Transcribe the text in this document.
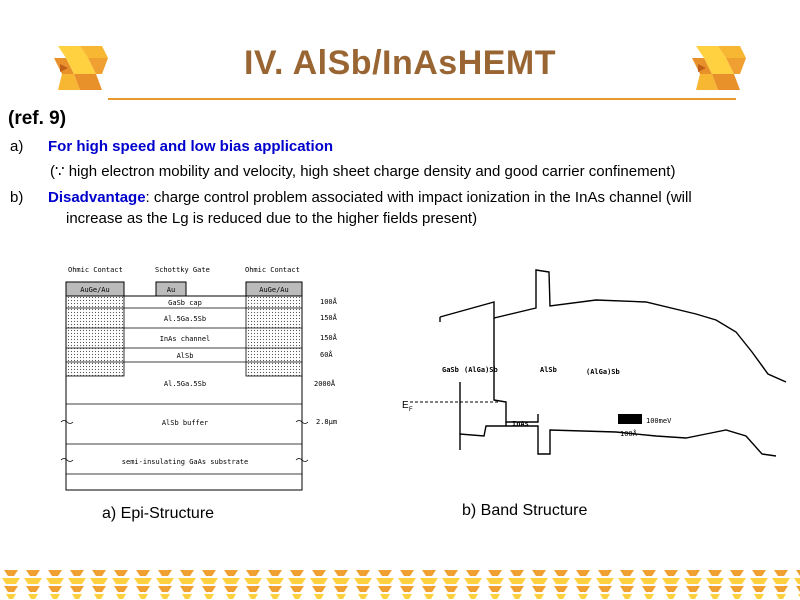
IV. AlSb/InAsHEMT
(ref. 9)
a) For high speed and low bias application
(∵ high electron mobility and velocity, high sheet charge density and good carrier confinement)
b) Disadvantage: charge control problem associated with impact ionization in the InAs channel (will
increase as the Lg is reduced due to the higher fields present)
Ohmic Contact	Schottky Gate	Ohmic Contact
AuGe/Au	Au	AuGe/Au
GaSb cap
Al.5Ga.5Sb
InAs channel
AlSb
Al.5Ga.5Sb
AlSb buffer
semi-insulating GaAs substrate
100Å
150Å
150Å
60Å
2000Å
2.8μm
GaSb (AlGa)Sb	AlSb	(AlGa)Sb
InAs	100meV
100Å
E F
a) Epi-Structure	b) Band Structure
